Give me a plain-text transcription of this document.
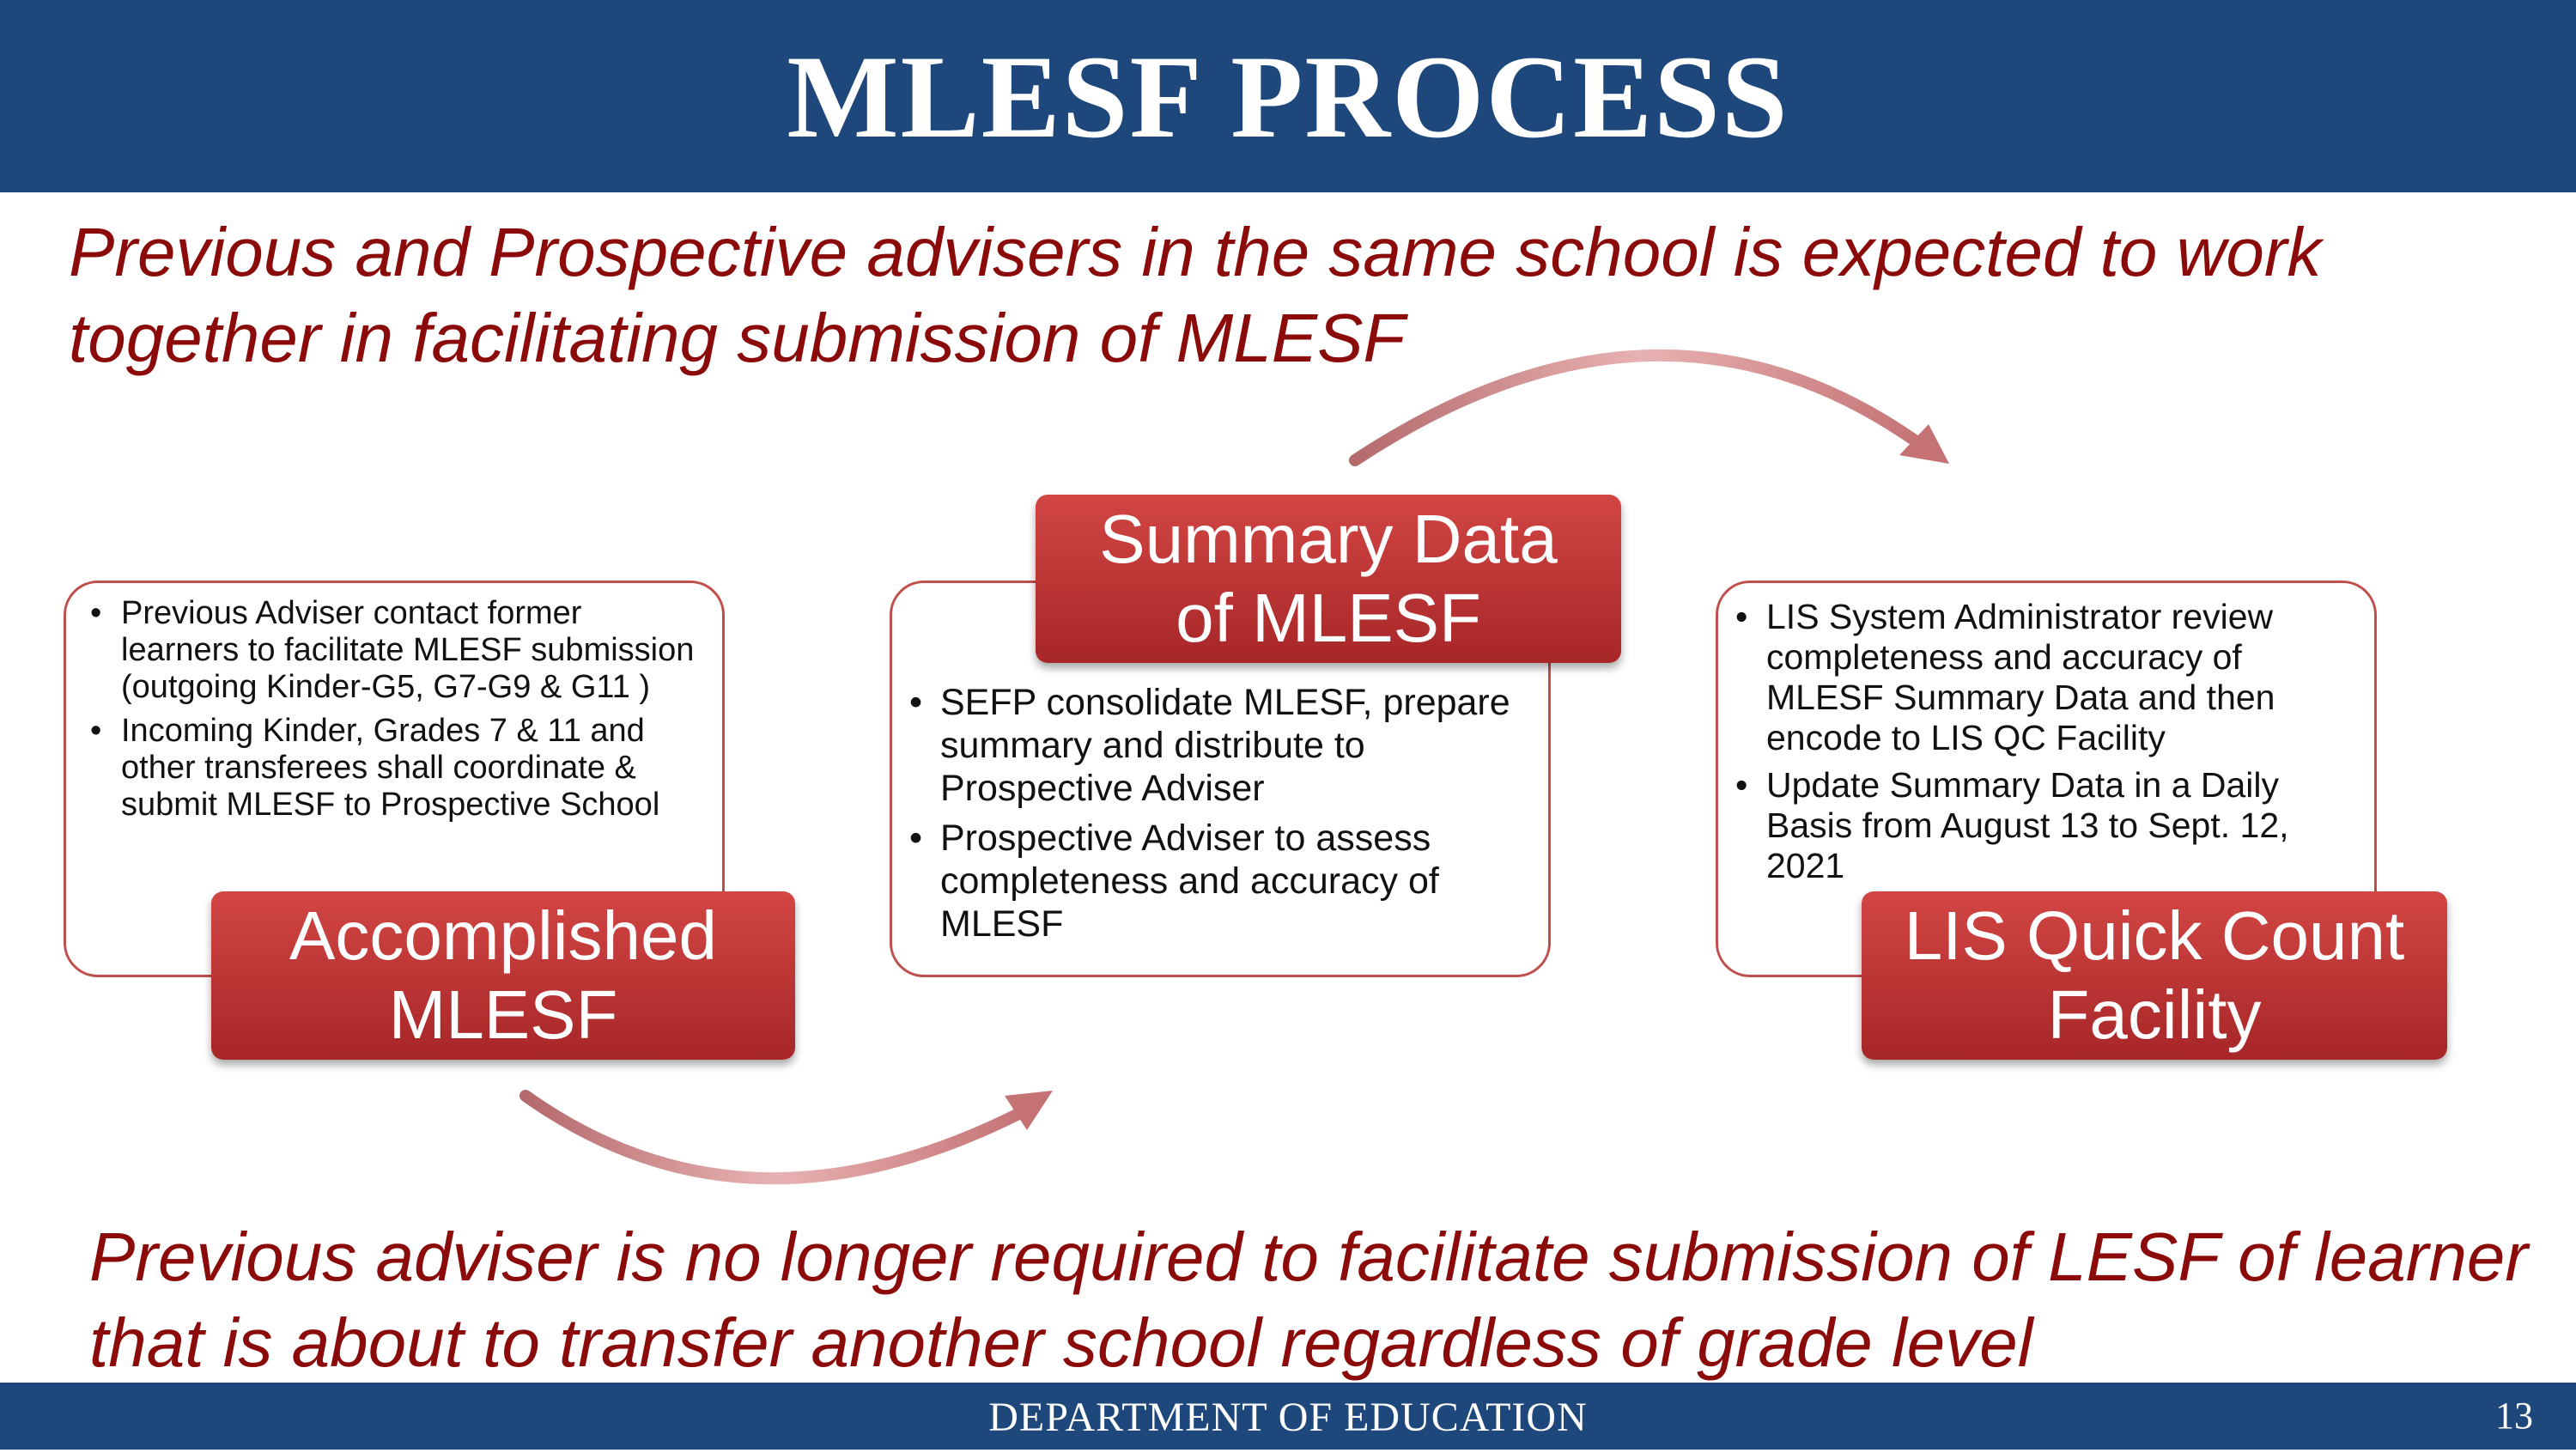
MLESF PROCESS

Previous and Prospective advisers in the same school is expected to work together in facilitating submission of MLESF

• Previous Adviser contact former learners to facilitate MLESF submission (outgoing Kinder-G5, G7-G9 & G11 )
• Incoming Kinder, Grades 7 & 11 and other transferees shall coordinate & submit MLESF to Prospective School
• SEFP consolidate MLESF, prepare summary and distribute to Prospective Adviser
• Prospective Adviser to assess completeness and accuracy of MLESF
• LIS System Administrator review completeness and accuracy of MLESF Summary Data and then encode to LIS QC Facility
• Update Summary Data in a Daily Basis from August 13 to Sept. 12, 2021
Accomplished
MLESF
Summary Data
of MLESF
LIS Quick Count
Facility

Previous adviser is no longer required to facilitate submission of LESF of learner that is about to transfer another school regardless of grade level

DEPARTMENT OF EDUCATION	13
